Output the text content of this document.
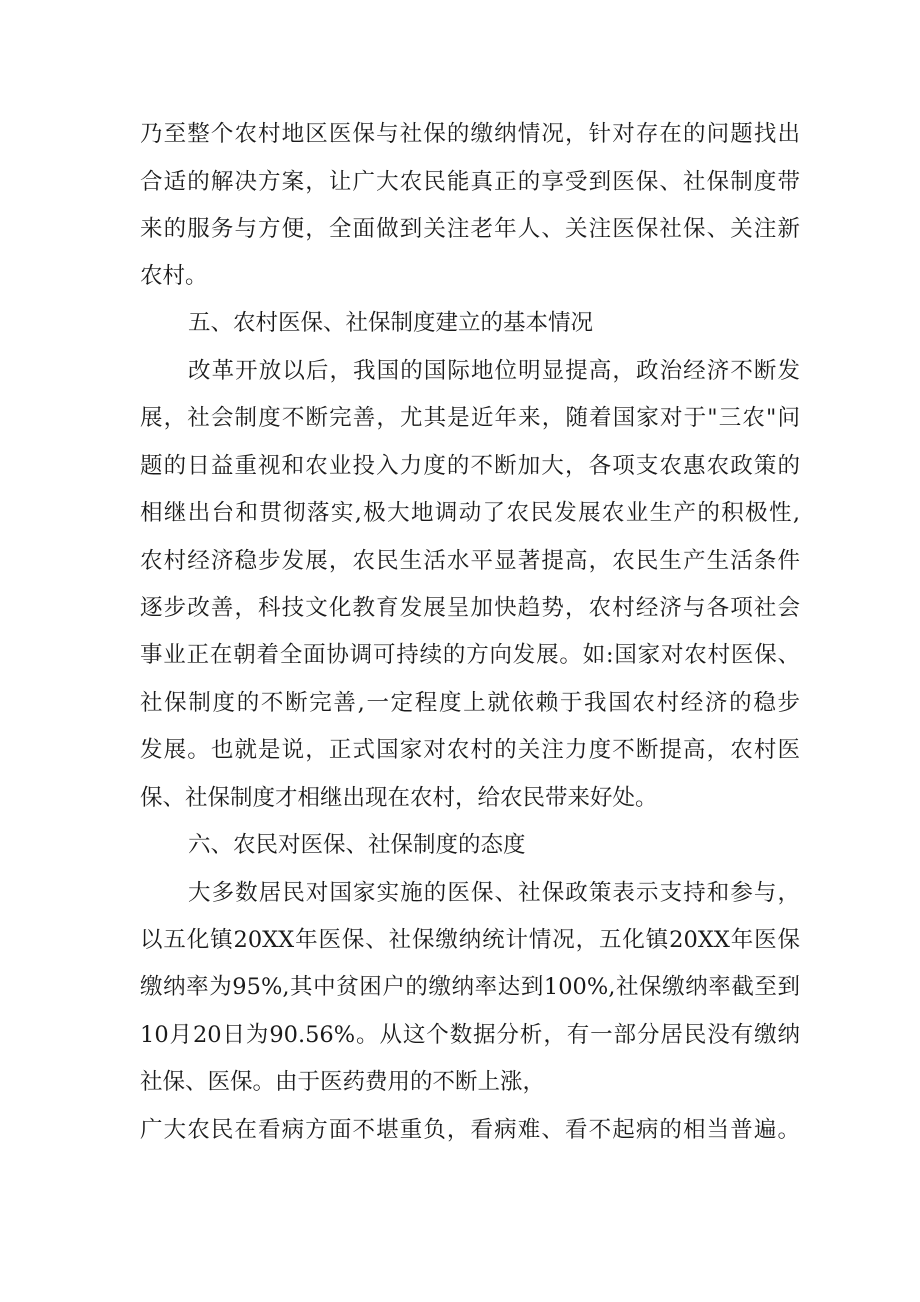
乃至整个农村地区医保与社保的缴纳情况，针对存在的问题找出
合适的解决方案，让广大农民能真正的享受到医保、社保制度带
来的服务与方便，全面做到关注老年人、关注医保社保、关注新
农村。
五、农村医保、社保制度建立的基本情况
改革开放以后，我国的国际地位明显提高，政治经济不断发
展，社会制度不断完善，尤其是近年来，随着国家对于"三农"问
题的日益重视和农业投入力度的不断加大，各项支农惠农政策的
相继出台和贯彻落实,极大地调动了农民发展农业生产的积极性,
农村经济稳步发展，农民生活水平显著提高，农民生产生活条件
逐步改善，科技文化教育发展呈加快趋势，农村经济与各项社会
事业正在朝着全面协调可持续的方向发展。如:国家对农村医保、
社保制度的不断完善,一定程度上就依赖于我国农村经济的稳步
发展。也就是说，正式国家对农村的关注力度不断提高，农村医
保、社保制度才相继出现在农村，给农民带来好处。
六、农民对医保、社保制度的态度
大多数居民对国家实施的医保、社保政策表示支持和参与，
以五化镇20XX年医保、社保缴纳统计情况，五化镇20XX年医保
缴纳率为95%,其中贫困户的缴纳率达到100%,社保缴纳率截至到
10月20日为90.56%。从这个数据分析，有一部分居民没有缴纳
社保、医保。由于医药费用的不断上涨，
广大农民在看病方面不堪重负，看病难、看不起病的相当普遍。
